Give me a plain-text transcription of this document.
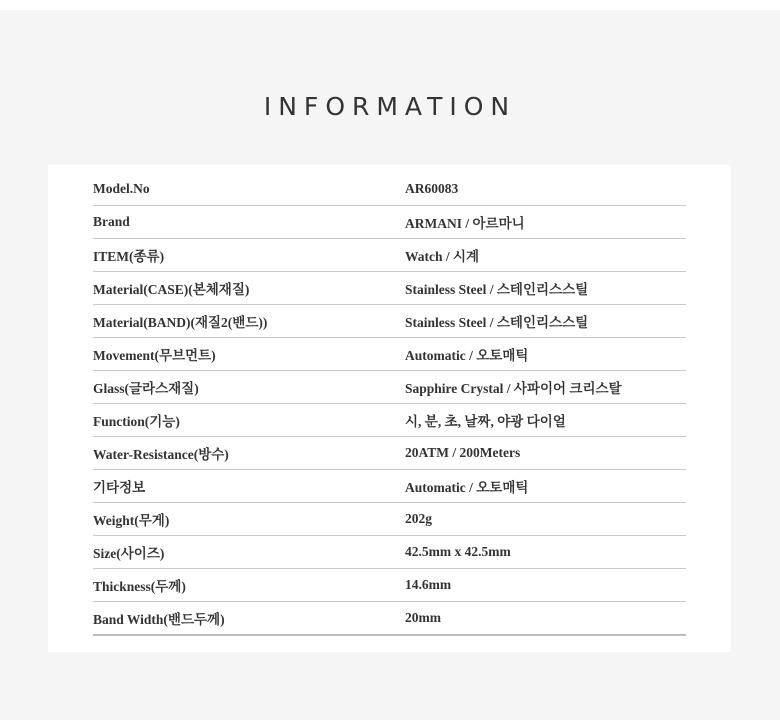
INFORMATION
Model.No	AR60083
Brand	ARMANI / 아르마니
ITEM(종류)	Watch / 시계
Material(CASE)(본체재질)	Stainless Steel / 스테인리스스틸
Material(BAND)(재질2(밴드))	Stainless Steel / 스테인리스스틸
Movement(무브먼트)	Automatic / 오토매틱
Glass(글라스재질)	Sapphire Crystal / 사파이어 크리스탈
Function(기능)	시, 분, 초, 날짜, 야광 다이얼
Water-Resistance(방수)	20ATM / 200Meters
기타정보	Automatic / 오토매틱
Weight(무게)	202g
Size(사이즈)	42.5mm x 42.5mm
Thickness(두께)	14.6mm
Band Width(밴드두께)	20mm
